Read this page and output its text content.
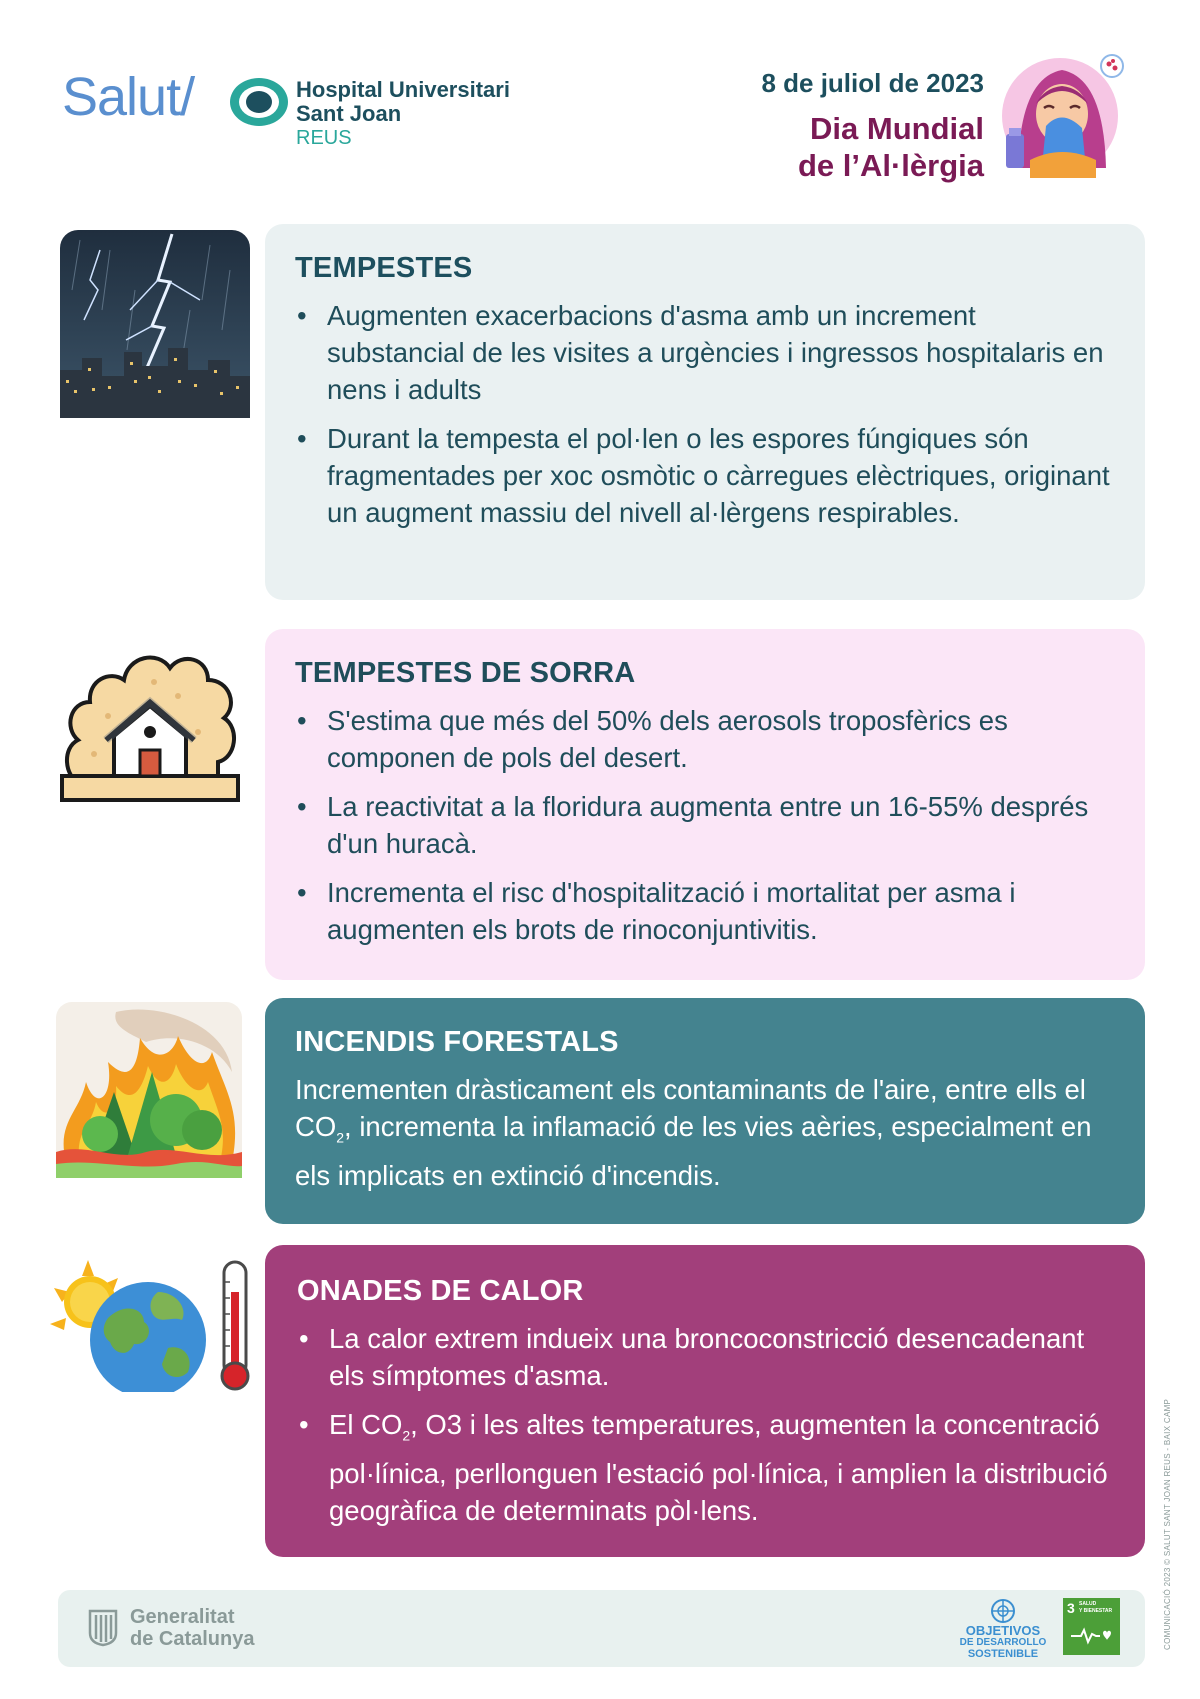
Salut/	Hospital Universitari
Sant Joan
REUS
8 de juliol de 2023
Dia Mundial
de l’Al·lèrgia
TEMPESTES
• Augmenten exacerbacions d'asma amb un increment substancial de les visites a urgències i ingressos hospitalaris en nens i adults
• Durant la tempesta el pol·len o les espores fúngiques són fragmentades per xoc osmòtic o càrregues elèctriques, originant un augment massiu del nivell al·lèrgens respirables.
TEMPESTES DE SORRA
• S'estima que més del 50% dels aerosols troposfèrics es componen de pols del desert.
• La reactivitat a la floridura augmenta entre un 16-55% després d'un huracà.
• Incrementa el risc d'hospitalització i mortalitat per asma i augmenten els brots de rinoconjuntivitis.
INCENDIS FORESTALS

Incrementen dràsticament els contaminants de l'aire, entre ells el $CO_2$, incrementa la inflamació de les vies aèries, especialment en els implicats en extinció d'incendis.

ONADES DE CALOR
• La calor extrem indueix una broncoconstricció desencadenant els símptomes d'asma.
• El $CO_2$, O3 i les altes temperatures, augmenten la concentració pol·línica, perllonguen l'estació pol·línica, i amplien la distribució geogràfica de determinats pòl·lens.
Generalitat
de Catalunya	OBJETIVOS
DE DESARROLLO
SOSTENIBLE
3 SALUD
Y BIENESTAR	COMUNICACIÓ 2023 © SALUT SANT JOAN REUS - BAIX CAMP
